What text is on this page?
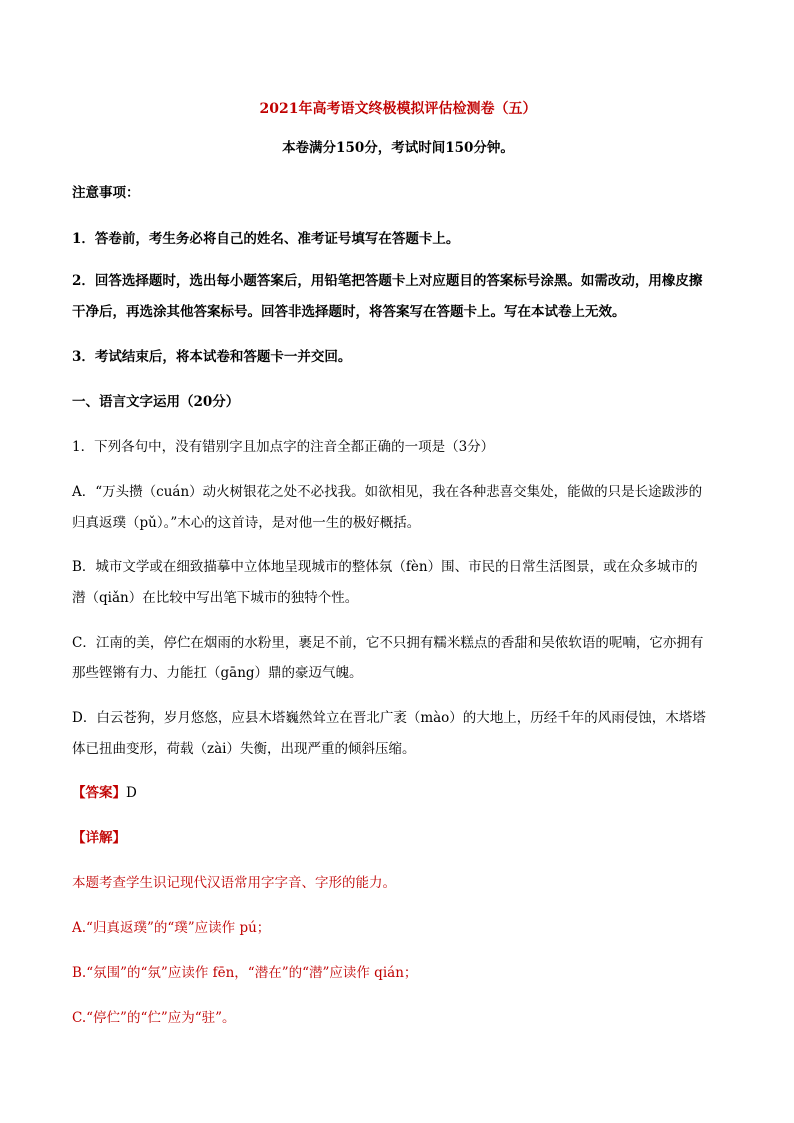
2021年高考语文终极模拟评估检测卷（五）
本卷满分150分，考试时间150分钟。
注意事项：
1．答卷前，考生务必将自己的姓名、准考证号填写在答题卡上。
2．回答选择题时，选出每小题答案后，用铅笔把答题卡上对应题目的答案标号涂黑。如需改动，用橡皮擦
干净后，再选涂其他答案标号。回答非选择题时，将答案写在答题卡上。写在本试卷上无效。
3．考试结束后，将本试卷和答题卡一并交回。
一、语言文字运用（20分）
1．下列各句中，没有错别字且加点字的注音全都正确的一项是（3分）
A．“万头攒（cuán）动火树银花之处不必找我。如欲相见，我在各种悲喜交集处，能做的只是长途跋涉的
归真返璞（pǔ）。”木心的这首诗，是对他一生的极好概括。
B．城市文学或在细致描摹中立体地呈现城市的整体氛（fèn）围、市民的日常生活图景，或在众多城市的
潜（qiǎn）在比较中写出笔下城市的独特个性。
C．江南的美，停伫在烟雨的水粉里，裹足不前，它不只拥有糯米糕点的香甜和吴侬软语的呢喃，它亦拥有
那些铿锵有力、力能扛（gāng）鼎的豪迈气魄。
D．白云苍狗，岁月悠悠，应县木塔巍然耸立在晋北广袤（mào）的大地上，历经千年的风雨侵蚀，木塔塔
体已扭曲变形，荷载（zài）失衡，出现严重的倾斜压缩。
【答案】D
【详解】
本题考查学生识记现代汉语常用字字音、字形的能力。
A.“归真返璞”的“璞”应读作 pú；
B.“氛围”的“氛”应读作 fēn，“潜在”的“潜”应读作 qián；
C.“停伫”的“伫”应为“驻”。
